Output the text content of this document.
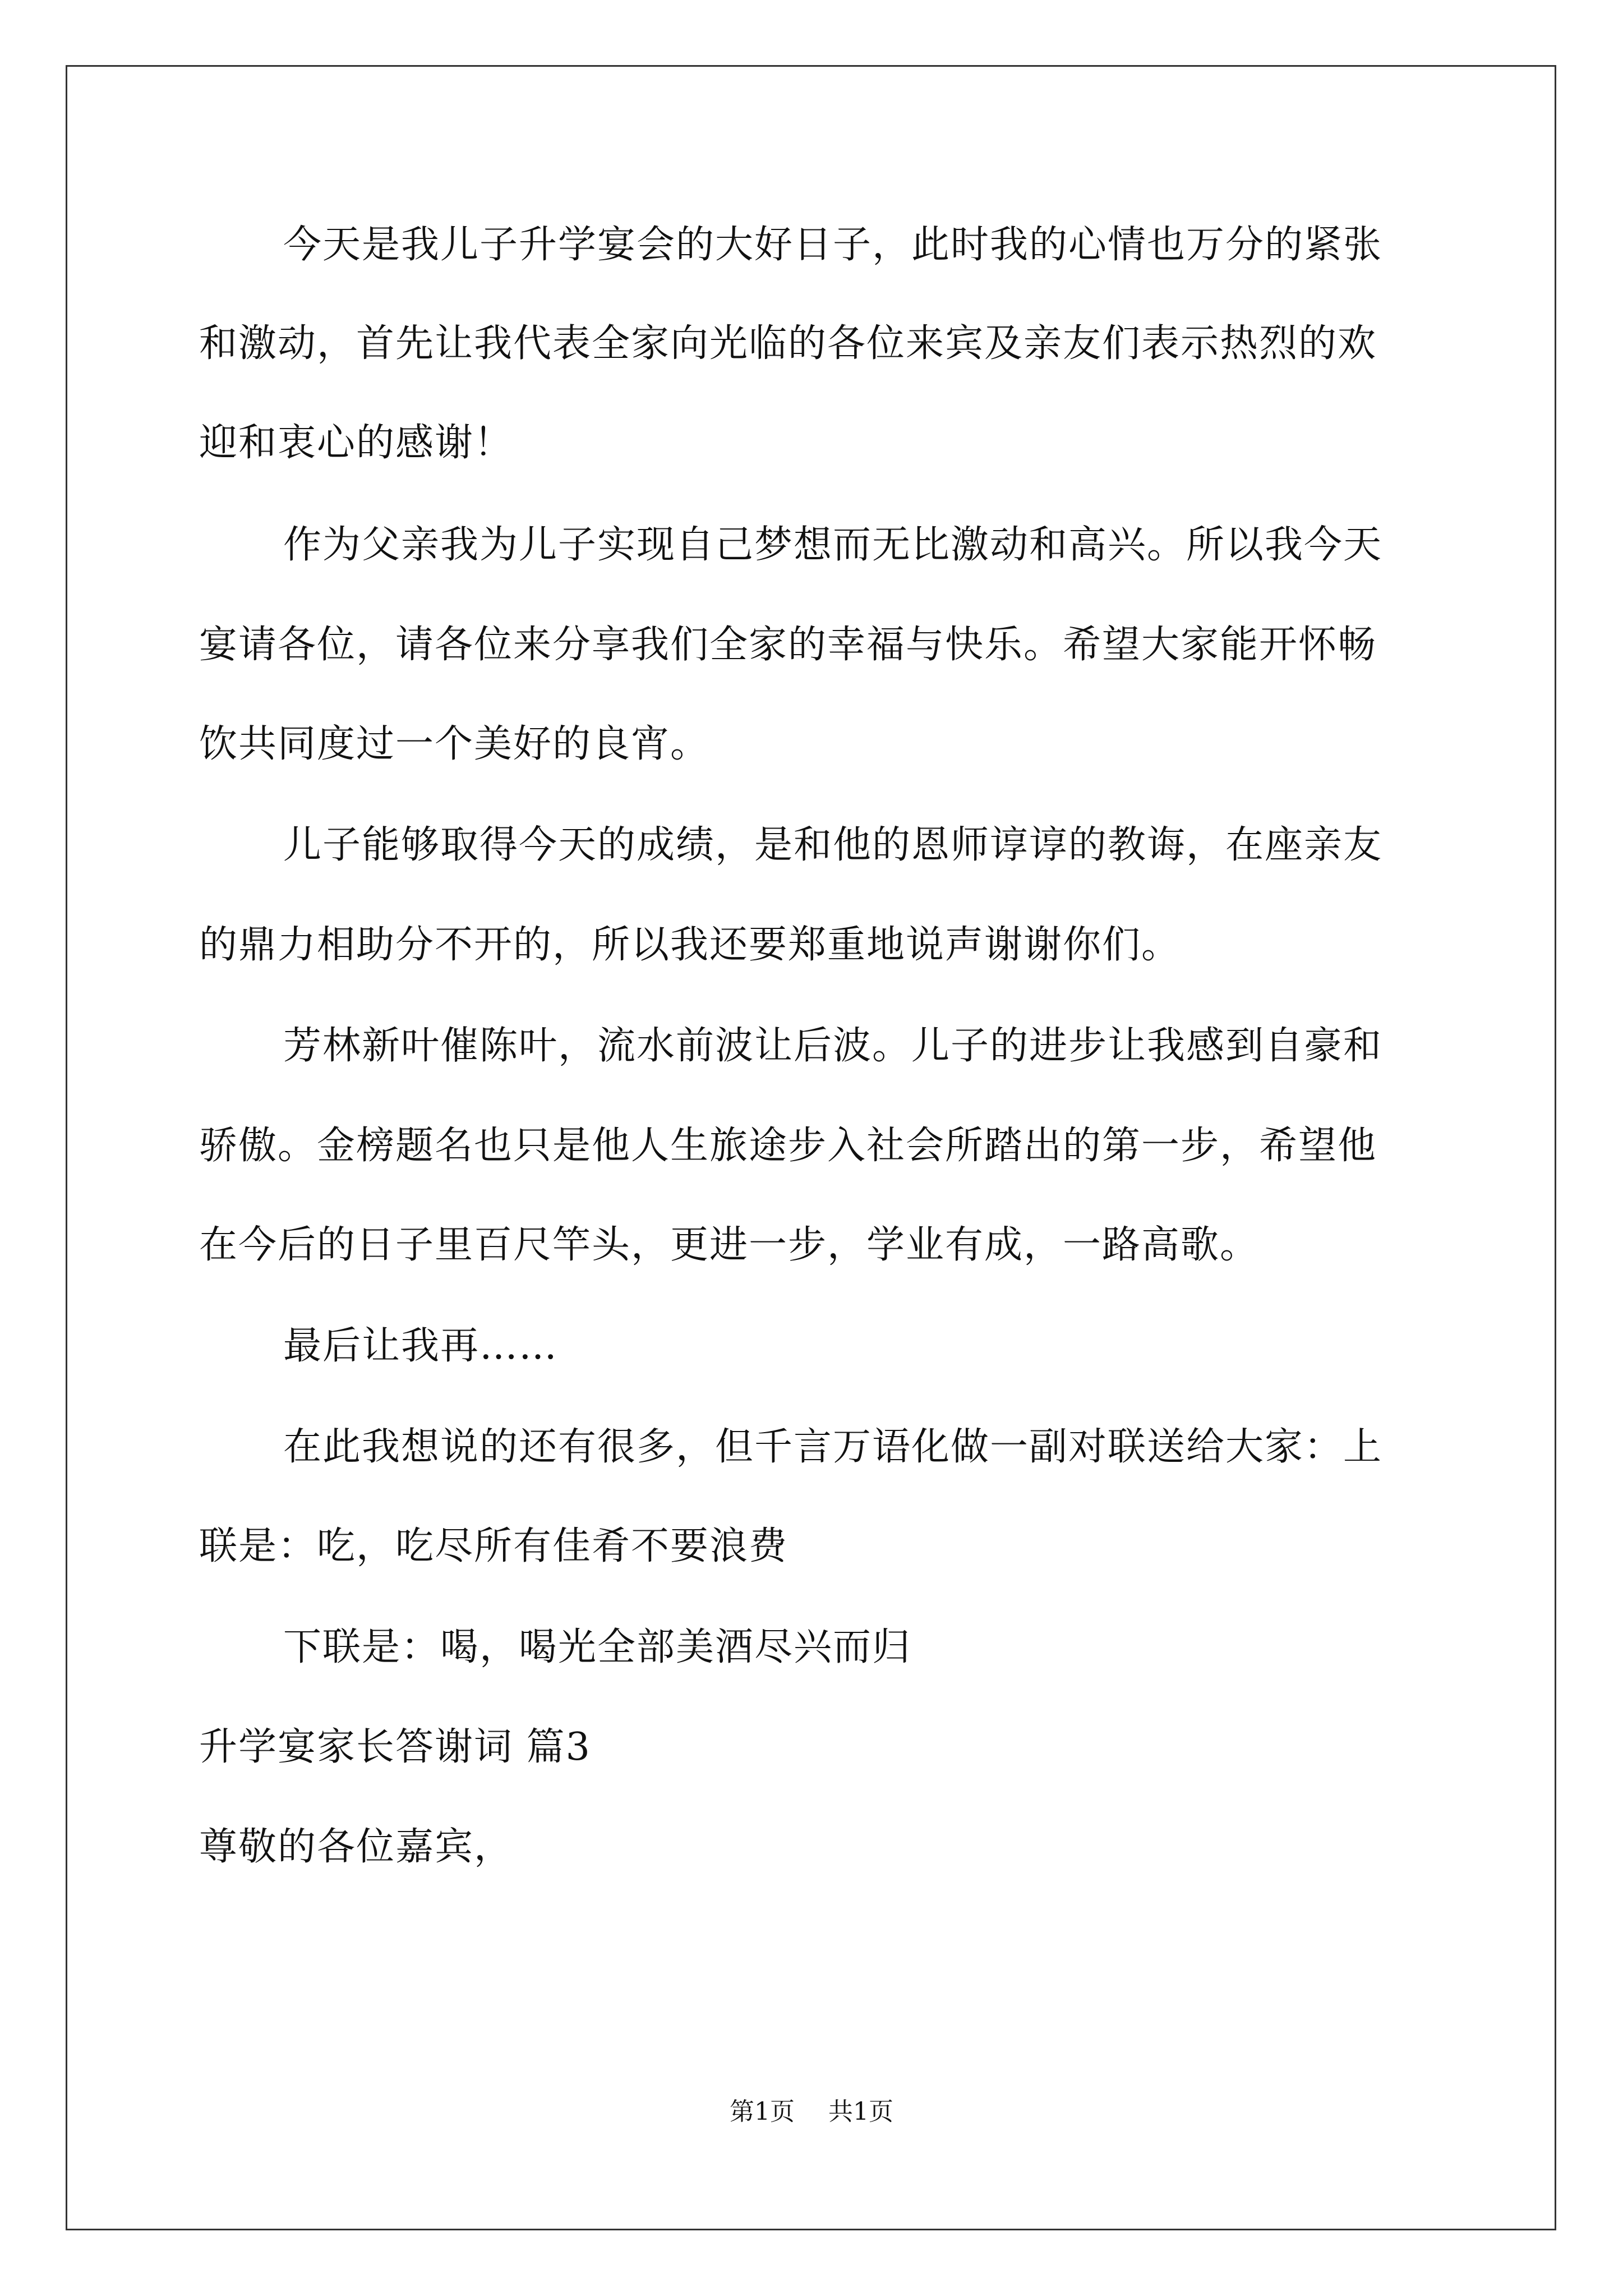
今天是我儿子升学宴会的大好日子，此时我的心情也万分的紧张
和激动，首先让我代表全家向光临的各位来宾及亲友们表示热烈的欢
迎和衷心的感谢！
作为父亲我为儿子实现自己梦想而无比激动和高兴。所以我今天
宴请各位，请各位来分享我们全家的幸福与快乐。希望大家能开怀畅
饮共同度过一个美好的良宵。
儿子能够取得今天的成绩，是和他的恩师谆谆的教诲，在座亲友
的鼎力相助分不开的，所以我还要郑重地说声谢谢你们。
芳林新叶催陈叶，流水前波让后波。儿子的进步让我感到自豪和
骄傲。金榜题名也只是他人生旅途步入社会所踏出的第一步，希望他
在今后的日子里百尺竿头，更进一步，学业有成，一路高歌。
最后让我再……
在此我想说的还有很多，但千言万语化做一副对联送给大家：上
联是：吃，吃尽所有佳肴不要浪费
下联是：喝，喝光全部美酒尽兴而归
升学宴家长答谢词 篇3
尊敬的各位嘉宾，
第1页 共1页
